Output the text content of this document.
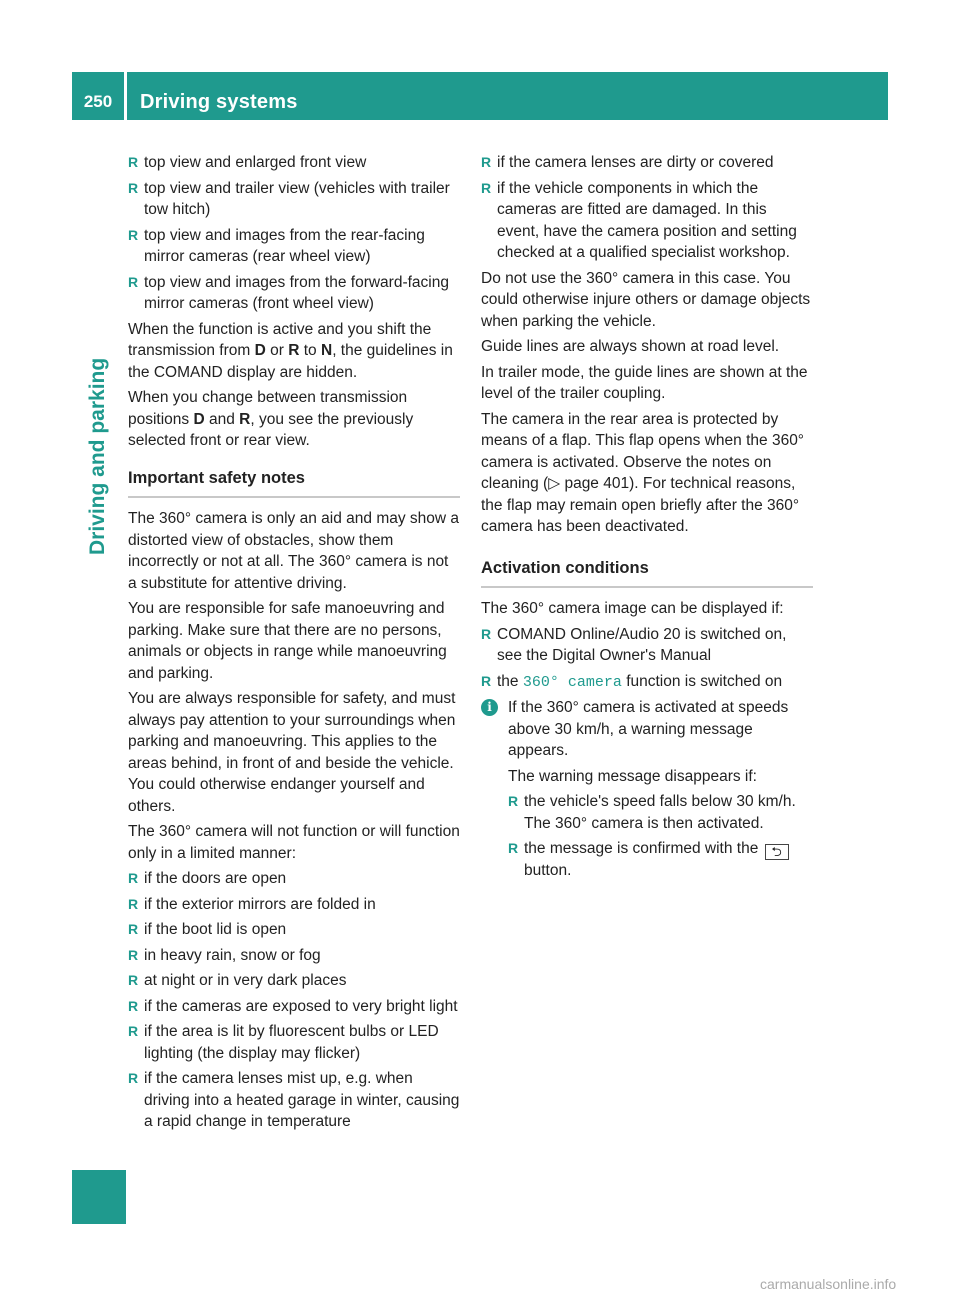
250	Driving systems
Driving and parking
R top view and enlarged front view
R top view and trailer view (vehicles with trailer tow hitch)
R top view and images from the rear-facing mirror cameras (rear wheel view)
R top view and images from the forward-facing mirror cameras (front wheel view)

When the function is active and you shift the transmission from D or R to N, the guidelines in the COMAND display are hidden.

When you change between transmission positions D and R, you see the previously selected front or rear view.

Important safety notes

The 360° camera is only an aid and may show a distorted view of obstacles, show them incorrectly or not at all. The 360° camera is not a substitute for attentive driving.

You are responsible for safe manoeuvring and parking. Make sure that there are no persons, animals or objects in range while manoeuvring and parking.

You are always responsible for safety, and must always pay attention to your surroundings when parking and manoeuvring. This applies to the areas behind, in front of and beside the vehicle. You could otherwise endanger yourself and others.

The 360° camera will not function or will function only in a limited manner:

R if the doors are open
R if the exterior mirrors are folded in
R if the boot lid is open
R in heavy rain, snow or fog
R at night or in very dark places
R if the cameras are exposed to very bright light
R if the area is lit by fluorescent bulbs or LED lighting (the display may flicker)
R if the camera lenses mist up, e.g. when driving into a heated garage in winter, causing a rapid change in temperature
R if the camera lenses are dirty or covered
R if the vehicle components in which the cameras are fitted are damaged. In this event, have the camera position and setting checked at a qualified specialist workshop.

Do not use the 360° camera in this case. You could otherwise injure others or damage objects when parking the vehicle.

Guide lines are always shown at road level.

In trailer mode, the guide lines are shown at the level of the trailer coupling.

The camera in the rear area is protected by means of a flap. This flap opens when the 360° camera is activated. Observe the notes on cleaning (▷ page 401). For technical reasons, the flap may remain open briefly after the 360° camera has been deactivated.

Activation conditions

The 360° camera image can be displayed if:

R COMAND Online/Audio 20 is switched on, see the Digital Owner's Manual
R the 360° camera function is switched on
i	If the 360° camera is activated at speeds above 30 km/h, a warning message appears.

The warning message disappears if:

R the vehicle's speed falls below 30 km/h. The 360° camera is then activated.
R the message is confirmed with the ⮌ button.
carmanualsonline.info
